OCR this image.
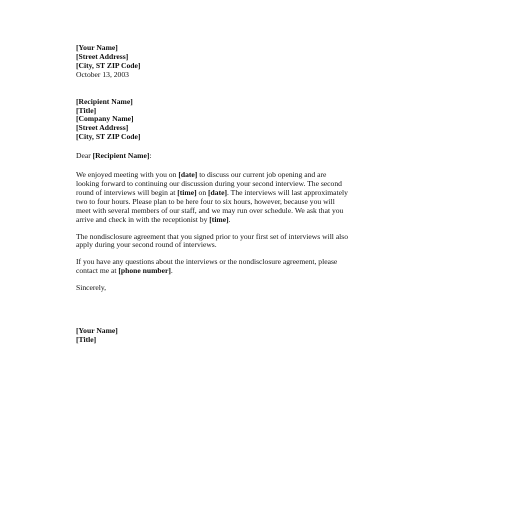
[Your Name]
[Street Address]
[City, ST ZIP Code]
October 13, 2003
[Recipient Name]
[Title]
[Company Name]
[Street Address]
[City, ST ZIP Code]
Dear [Recipient Name]:
We enjoyed meeting with you on [date] to discuss our current job opening and are
looking forward to continuing our discussion during your second interview. The second
round of interviews will begin at [time] on [date]. The interviews will last approximately
two to four hours. Please plan to be here four to six hours, however, because you will
meet with several members of our staff, and we may run over schedule. We ask that you
arrive and check in with the receptionist by [time].
The nondisclosure agreement that you signed prior to your first set of interviews will also
apply during your second round of interviews.
If you have any questions about the interviews or the nondisclosure agreement, please
contact me at [phone number].
Sincerely,
[Your Name]
[Title]
